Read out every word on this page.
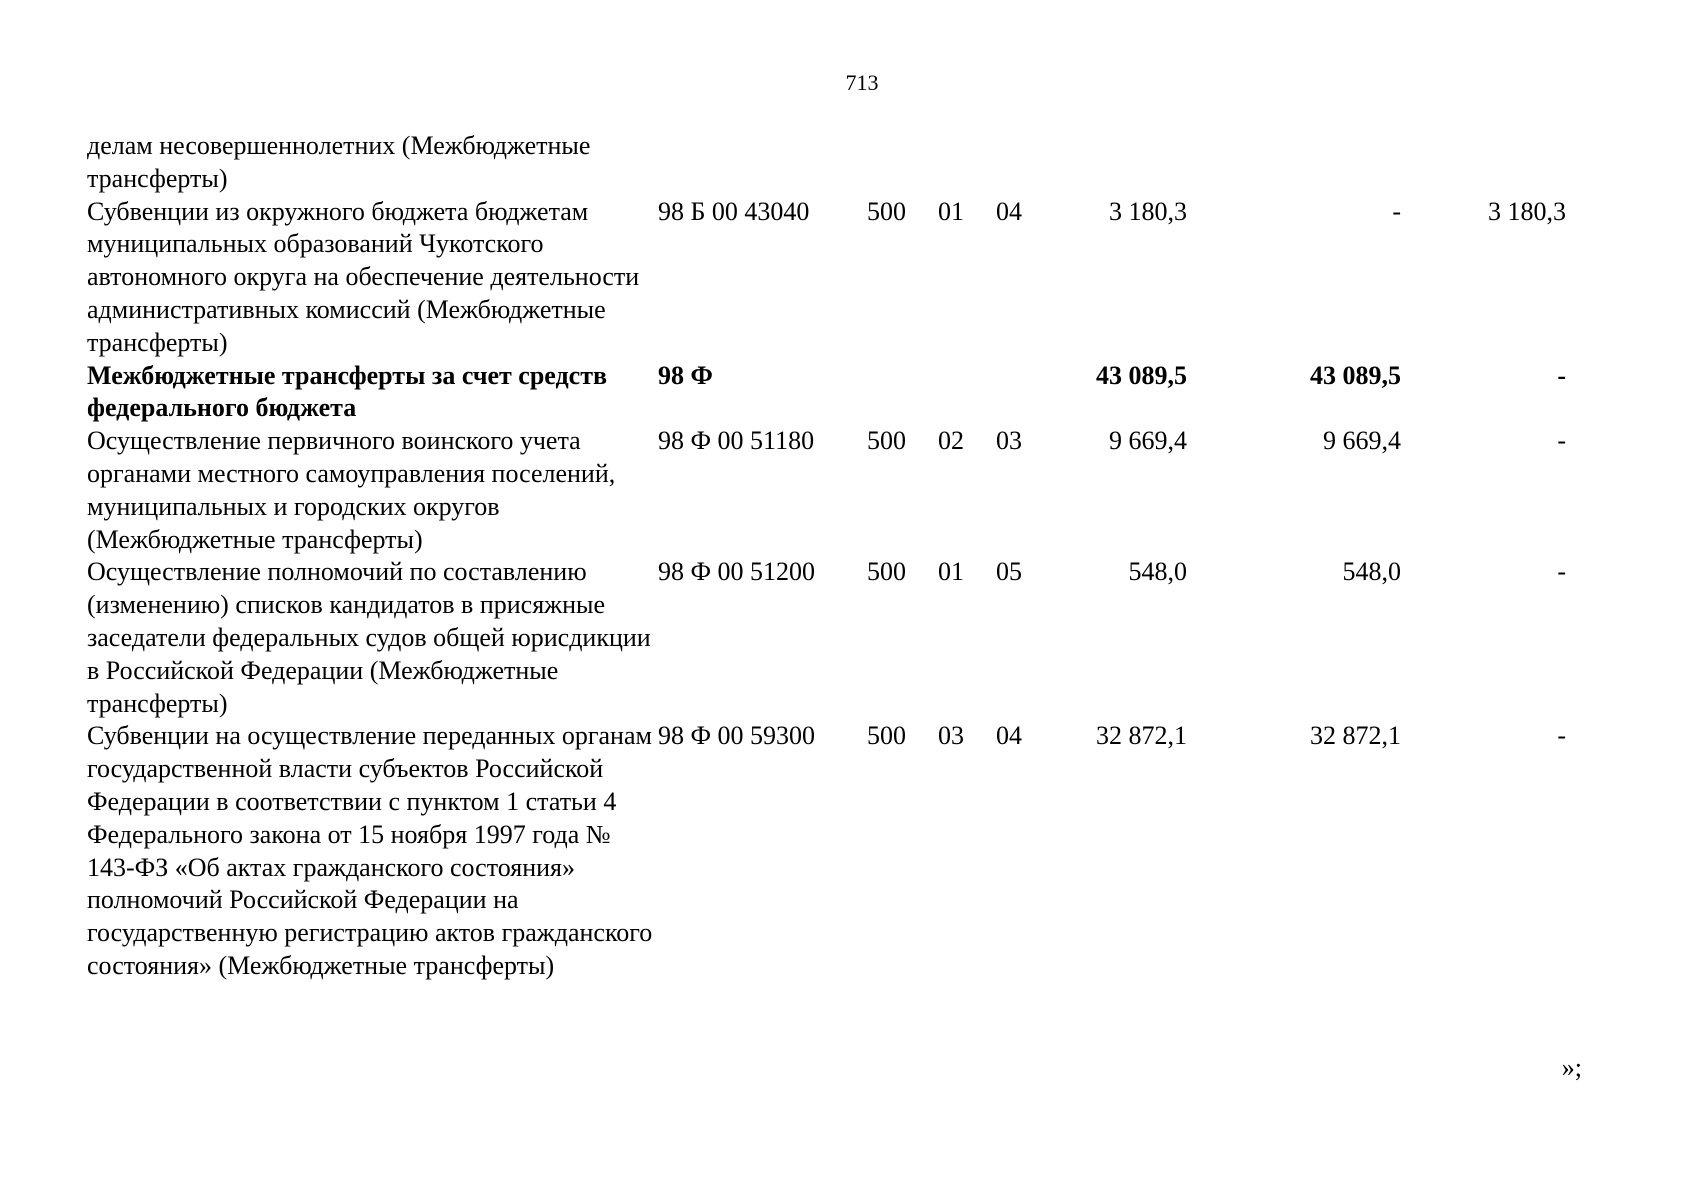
713
делам несовершеннолетних (Межбюджетные трансферты)
Субвенции из окружного бюджета бюджетам муниципальных образований Чукотского автономного округа на обеспечение деятельности административных комиссий (Межбюджетные трансферты)
98 Б 00 43040 500 01 04	3 180,3	-	3 180,3
Межбюджетные трансферты за счет средств федерального бюджета
98 Ф	43 089,5	43 089,5	-
Осуществление первичного воинского учета органами местного самоуправления поселений, муниципальных и городских округов (Межбюджетные трансферты)
98 Ф 00 51180 500 02 03	9 669,4	9 669,4	-
Осуществление полномочий по составлению (изменению) списков кандидатов в присяжные заседатели федеральных судов общей юрисдикции в Российской Федерации (Межбюджетные трансферты)
98 Ф 00 51200 500 01 05	548,0	548,0	-
Субвенции на осуществление переданных органам государственной власти субъектов Российской Федерации в соответствии с пунктом 1 статьи 4 Федерального закона от 15 ноября 1997 года № 143-ФЗ «Об актах гражданского состояния» полномочий Российской Федерации на государственную регистрацию актов гражданского состояния» (Межбюджетные трансферты)
98 Ф 00 59300 500 03 04	32 872,1	32 872,1	-
»;
